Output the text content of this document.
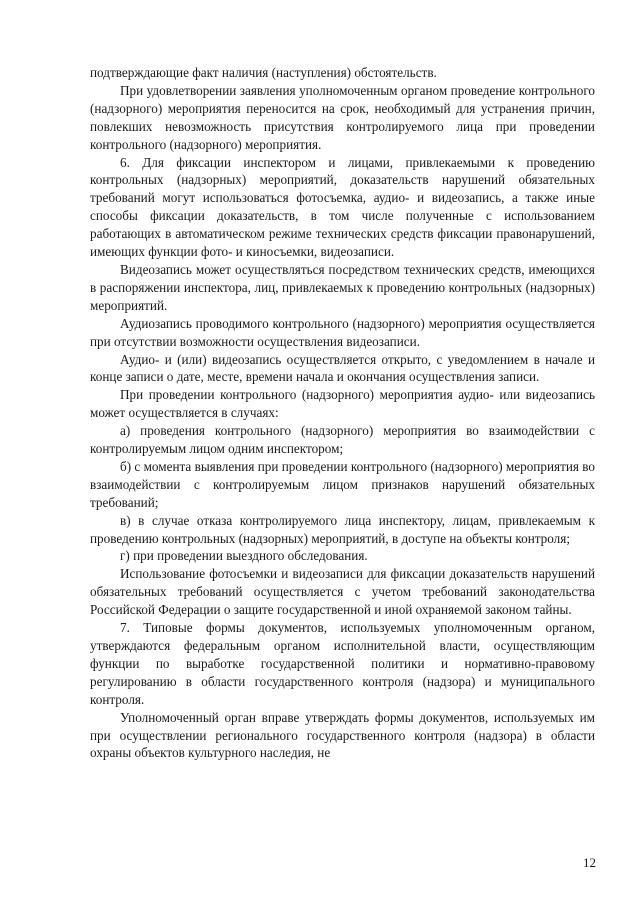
подтверждающие факт наличия (наступления) обстоятельств.

При удовлетворении заявления уполномоченным органом проведение контрольного (надзорного) мероприятия переносится на срок, необходимый для устранения причин, повлекших невозможность присутствия контролируемого лица при проведении контрольного (надзорного) мероприятия.

6. Для фиксации инспектором и лицами, привлекаемыми к проведению контрольных (надзорных) мероприятий, доказательств нарушений обязательных требований могут использоваться фотосъемка, аудио- и видеозапись, а также иные способы фиксации доказательств, в том числе полученные с использованием работающих в автоматическом режиме технических средств фиксации правонарушений, имеющих функции фото- и киносъемки, видеозаписи.

Видеозапись может осуществляться посредством технических средств, имеющихся в распоряжении инспектора, лиц, привлекаемых к проведению контрольных (надзорных) мероприятий.

Аудиозапись проводимого контрольного (надзорного) мероприятия осуществляется при отсутствии возможности осуществления видеозаписи.

Аудио- и (или) видеозапись осуществляется открыто, с уведомлением в начале и конце записи о дате, месте, времени начала и окончания осуществления записи.

При проведении контрольного (надзорного) мероприятия аудио- или видеозапись может осуществляется в случаях:

а) проведения контрольного (надзорного) мероприятия во взаимодействии с контролируемым лицом одним инспектором;

б) с момента выявления при проведении контрольного (надзорного) мероприятия во взаимодействии с контролируемым лицом признаков нарушений обязательных требований;

в) в случае отказа контролируемого лица инспектору, лицам, привлекаемым к проведению контрольных (надзорных) мероприятий, в доступе на объекты контроля;

г) при проведении выездного обследования.

Использование фотосъемки и видеозаписи для фиксации доказательств нарушений обязательных требований осуществляется с учетом требований законодательства Российской Федерации о защите государственной и иной охраняемой законом тайны.

7. Типовые формы документов, используемых уполномоченным органом, утверждаются федеральным органом исполнительной власти, осуществляющим функции по выработке государственной политики и нормативно-правовому регулированию в области государственного контроля (надзора) и муниципального контроля.

Уполномоченный орган вправе утверждать формы документов, используемых им при осуществлении регионального государственного контроля (надзора) в области охраны объектов культурного наследия, не

12
